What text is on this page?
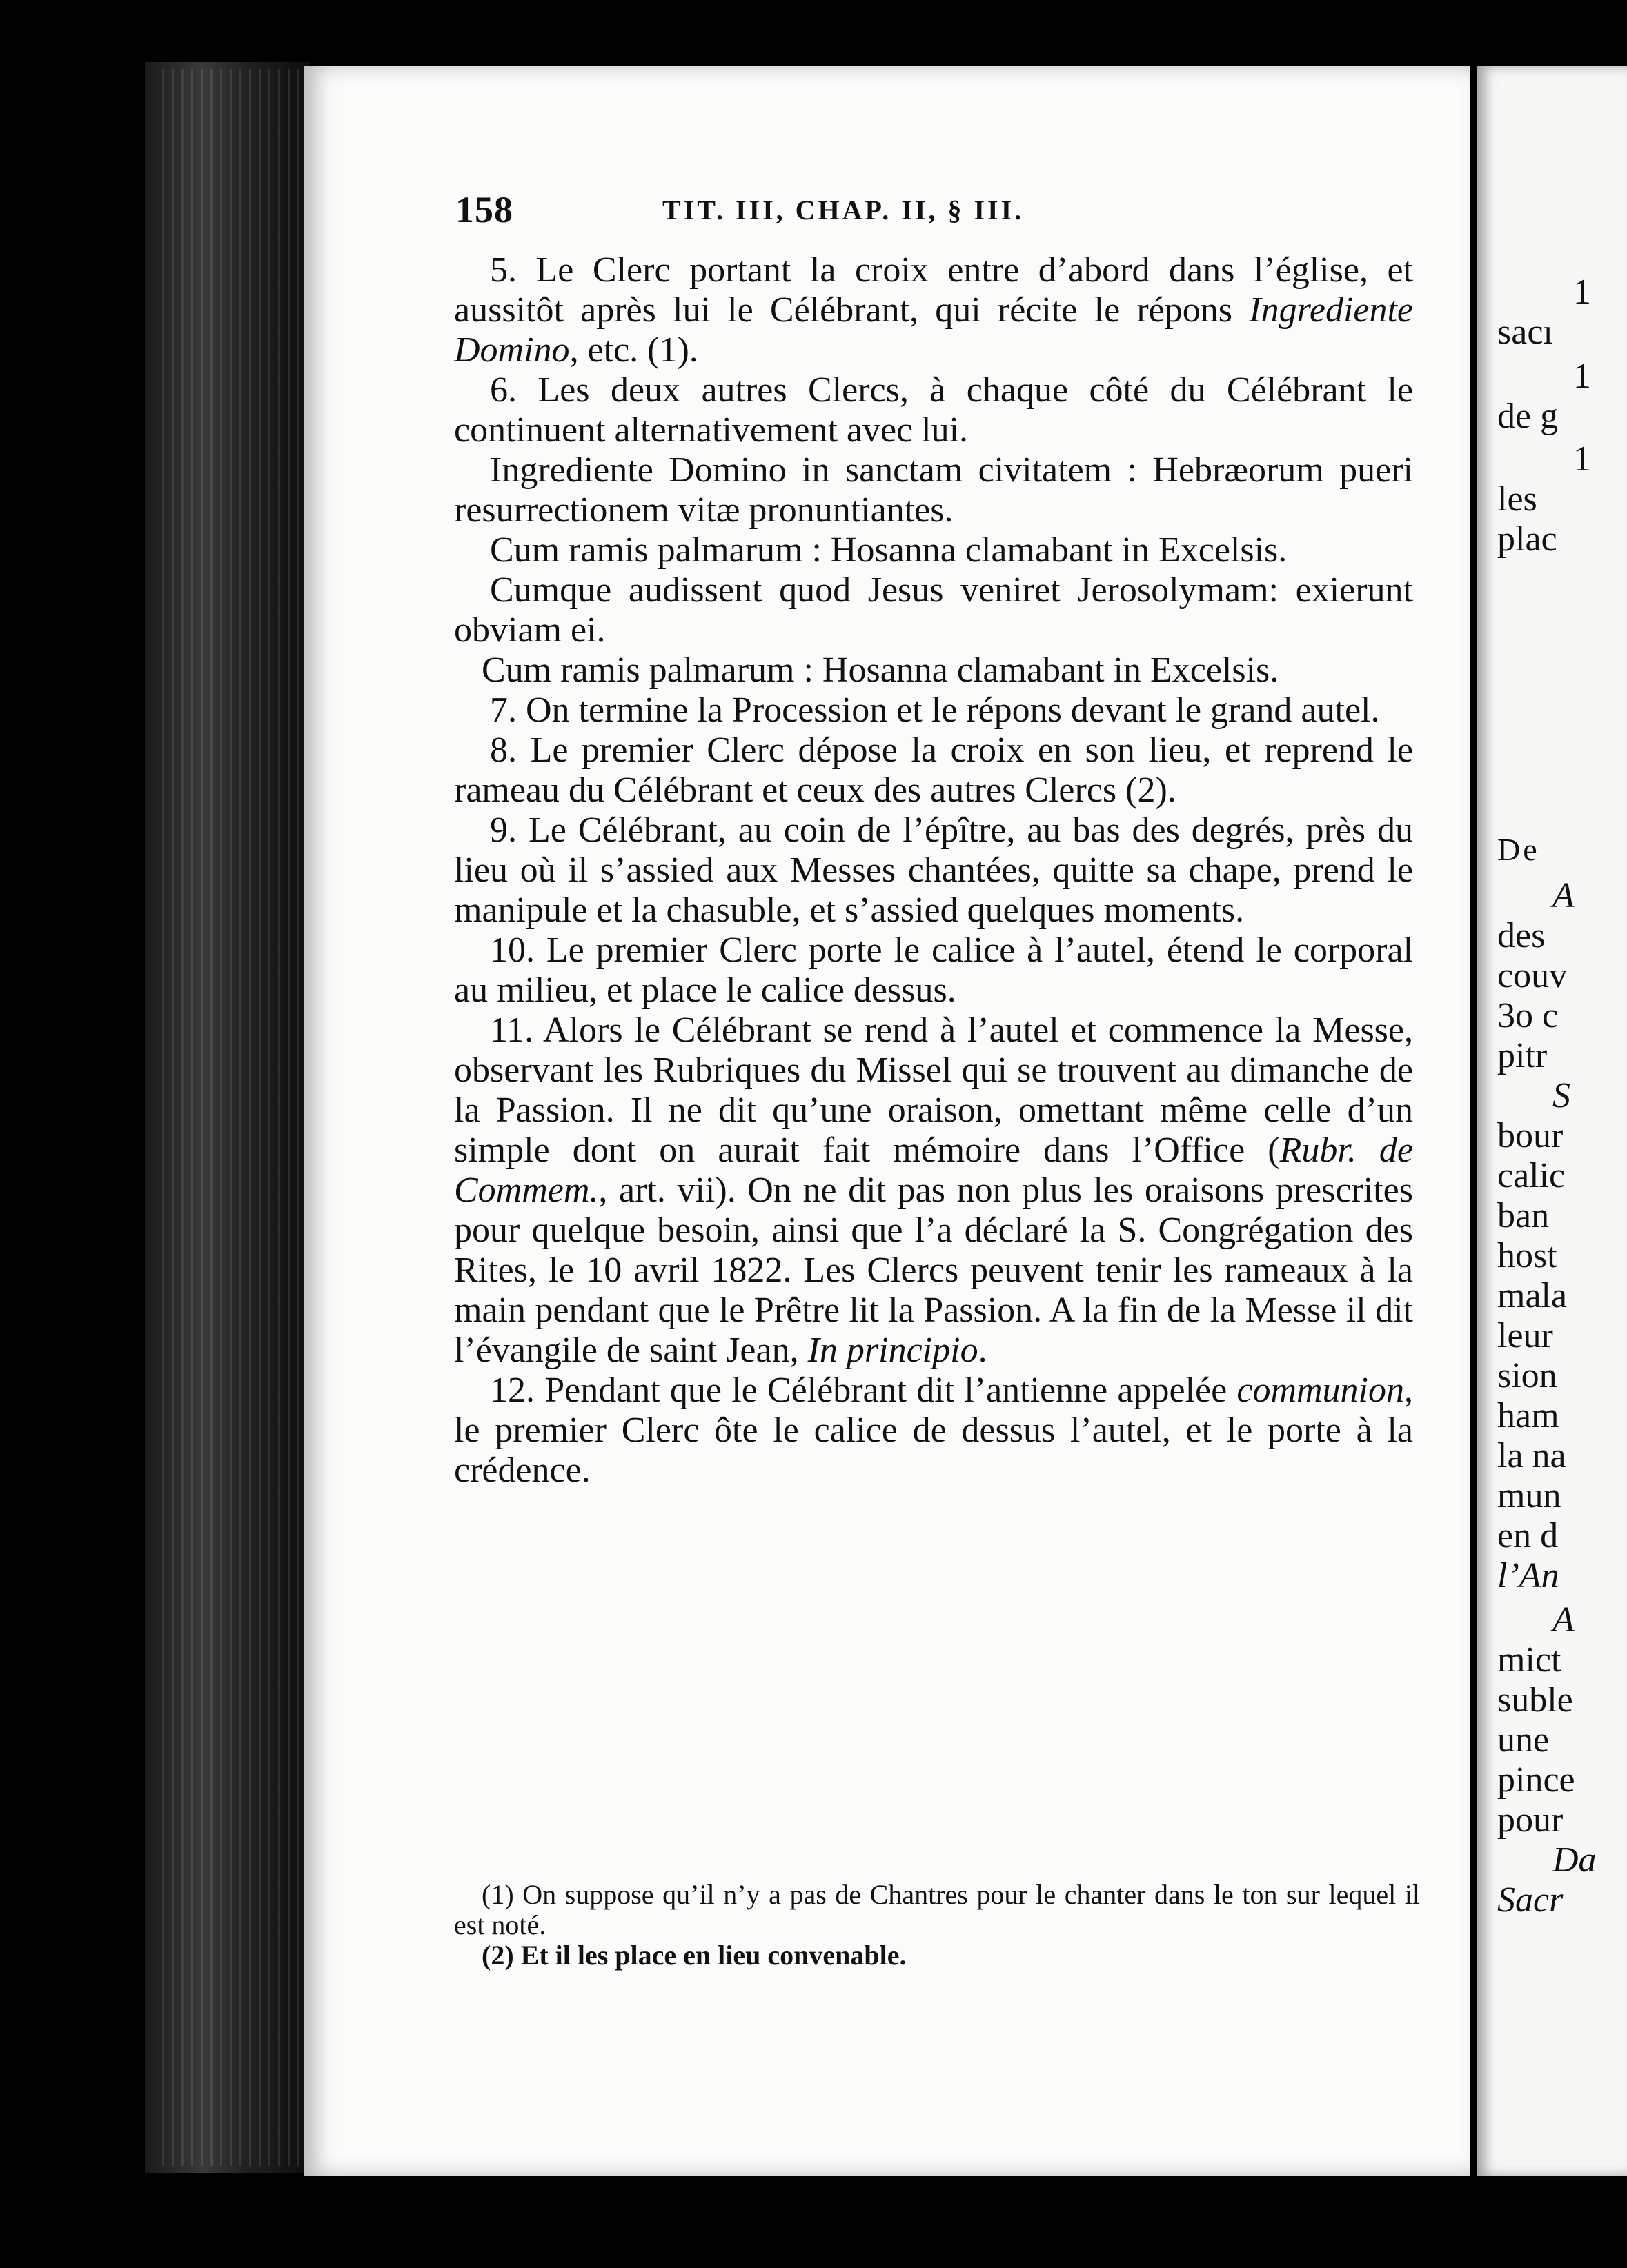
158	TIT. III, CHAP. II, § III.

5. Le Clerc portant la croix entre d’abord dans l’église, et aussitôt après lui le Célébrant, qui récite le répons Ingrediente Domino, etc. (1).

6. Les deux autres Clercs, à chaque côté du Célébrant le continuent alternativement avec lui.

Ingrediente Domino in sanctam civitatem : Hebræorum pueri resurrectionem vitæ pronuntiantes.

Cum ramis palmarum : Hosanna clamabant in Excelsis.

Cumque audissent quod Jesus veniret Jerosolymam: exierunt obviam ei.

Cum ramis palmarum : Hosanna clamabant in Excelsis.

7. On termine la Procession et le répons devant le grand autel.

8. Le premier Clerc dépose la croix en son lieu, et reprend le rameau du Célébrant et ceux des autres Clercs (2).

9. Le Célébrant, au coin de l’épître, au bas des degrés, près du lieu où il s’assied aux Messes chantées, quitte sa chape, prend le manipule et la chasuble, et s’assied quelques moments.

10. Le premier Clerc porte le calice à l’autel, étend le corporal au milieu, et place le calice dessus.

11. Alors le Célébrant se rend à l’autel et commence la Messe, observant les Rubriques du Missel qui se trouvent au dimanche de la Passion. Il ne dit qu’une oraison, omettant même celle d’un simple dont on aurait fait mémoire dans l’Office (Rubr. de Commem., art. vii). On ne dit pas non plus les oraisons prescrites pour quelque besoin, ainsi que l’a déclaré la S. Congrégation des Rites, le 10 avril 1822. Les Clercs peuvent tenir les rameaux à la main pendant que le Prêtre lit la Passion. A la fin de la Messe il dit l’évangile de saint Jean, In principio.

12. Pendant que le Célébrant dit l’antienne appelée communion, le premier Clerc ôte le calice de dessus l’autel, et le porte à la crédence.

(1) On suppose qu’il n’y a pas de Chantres pour le chanter dans le ton sur lequel il est noté.

(2) Et il les place en lieu convenable.

1
sacı
1
de g
1
les
plac
De
A
des
couv
3o c
pitr
S
bour
calic
ban
host
mala
leur
sion
ham
la na
mun
en d
l’An
A
mict
suble
une
pince
pour
Da
Sacr
